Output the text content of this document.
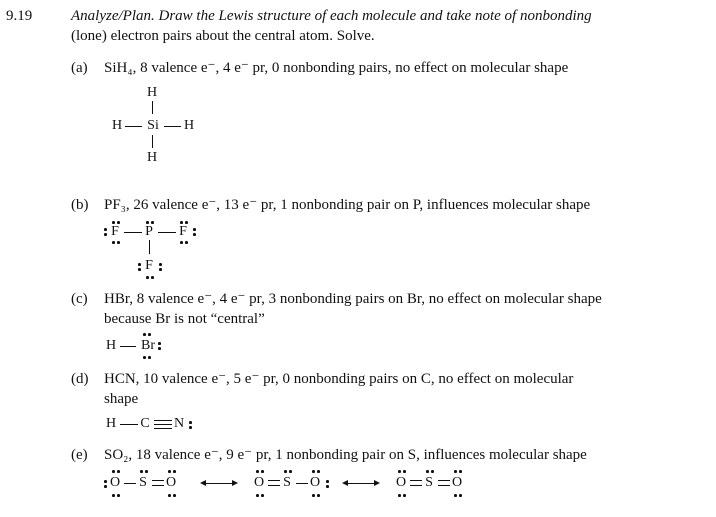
9.19	Analyze/Plan. Draw the Lewis structure of each molecule and take note of nonbonding
(lone) electron pairs about the central atom. Solve.
(a) SiH₄, 8 valence e⁻, 4 e⁻ pr, 0 nonbonding pairs, no effect on molecular shape
H
H Si H
H
(b) PF₃, 26 valence e⁻, 13 e⁻ pr, 1 nonbonding pair on P, influences molecular shape
F P F
F
(c) HBr, 8 valence e⁻, 4 e⁻ pr, 3 nonbonding pairs on Br, no effect on molecular shape
because Br is not “central”
H Br
(d) HCN, 10 valence e⁻, 5 e⁻ pr, 0 nonbonding pairs on C, no effect on molecular
shape
H C N
(e) SO₂, 18 valence e⁻, 9 e⁻ pr, 1 nonbonding pair on S, influences molecular shape
O S O	O S O	O S O
